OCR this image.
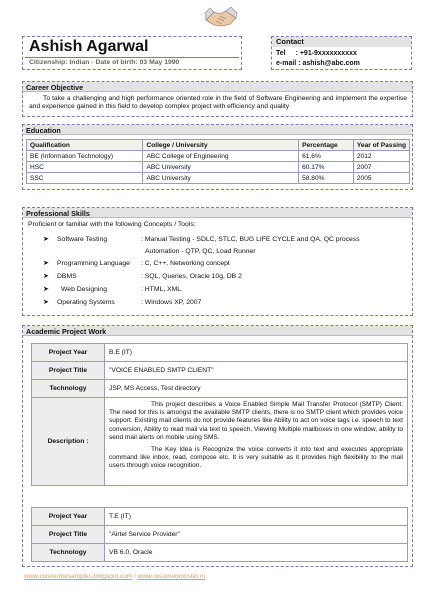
Ashish Agarwal
Citizenship: Indian - Date of birth: 03 May 1990
Contact
Tel : +91-9xxxxxxxxxx
e-mail : ashish@abc.com
Career Objective
To take a challenging and high performance oriented role in the field of Software Engineering and implement the expertise and experience gained in this field to develop complex project with efficiency and quality
Education
Qualification	College / University	Percentage	Year of Passing
BE (Information Technology)	ABC College of Engineering	61.6%	2012
HSC	ABC University	60.17%	2007
SSC	ABC University	58.80%	2005
Professional Skills
Proficient or familiar with the following Concepts / Tools:
➤ Software Testing	: Manual Testing - SDLC, STLC, BUG LIFE CYCLE and QA, QC process
Automation - QTP, QC, Load Runner
➤ Programming Language : C, C++, Networking concept
➤ DBMS	: SQL, Queries, Oracle 10g, DB 2
➤ Web Designing	: HTML, XML
➤ Operating Systems	: Windows XP, 2007
Academic Project Work
Project Year	B.E (IT)
Project Title	"VOICE ENABLED SMTP CLIENT"
Technology	JSP, MS Access, Test directory
Description :	This project describes a Voice Enabled Simple Mail Transfer Protocol (SMTP) Client. The need for this is amongst the available SMTP clients, there is no SMTP client which provides voice support. Existing mail clients do not provide features like Ability to act on voice tags i.e. speech to text conversion, Ability to read mail via text to speech, Viewing Multiple mailboxes in one window, ability to send mail alerts on mobile using SMS.

The Key Idea is Recognize the voice converts it into text and executes appropriate command like inbox, read, compose etc. It is very suitable as it provides high flexibility to the mail users through voice recognition.

Project Year	T.E (IT)
Project Title	"Airtel Service Provider"
Technology	VB 6.0, Oracle
www.cvresumesamples.blogspot.com / www.resumemonster.in
